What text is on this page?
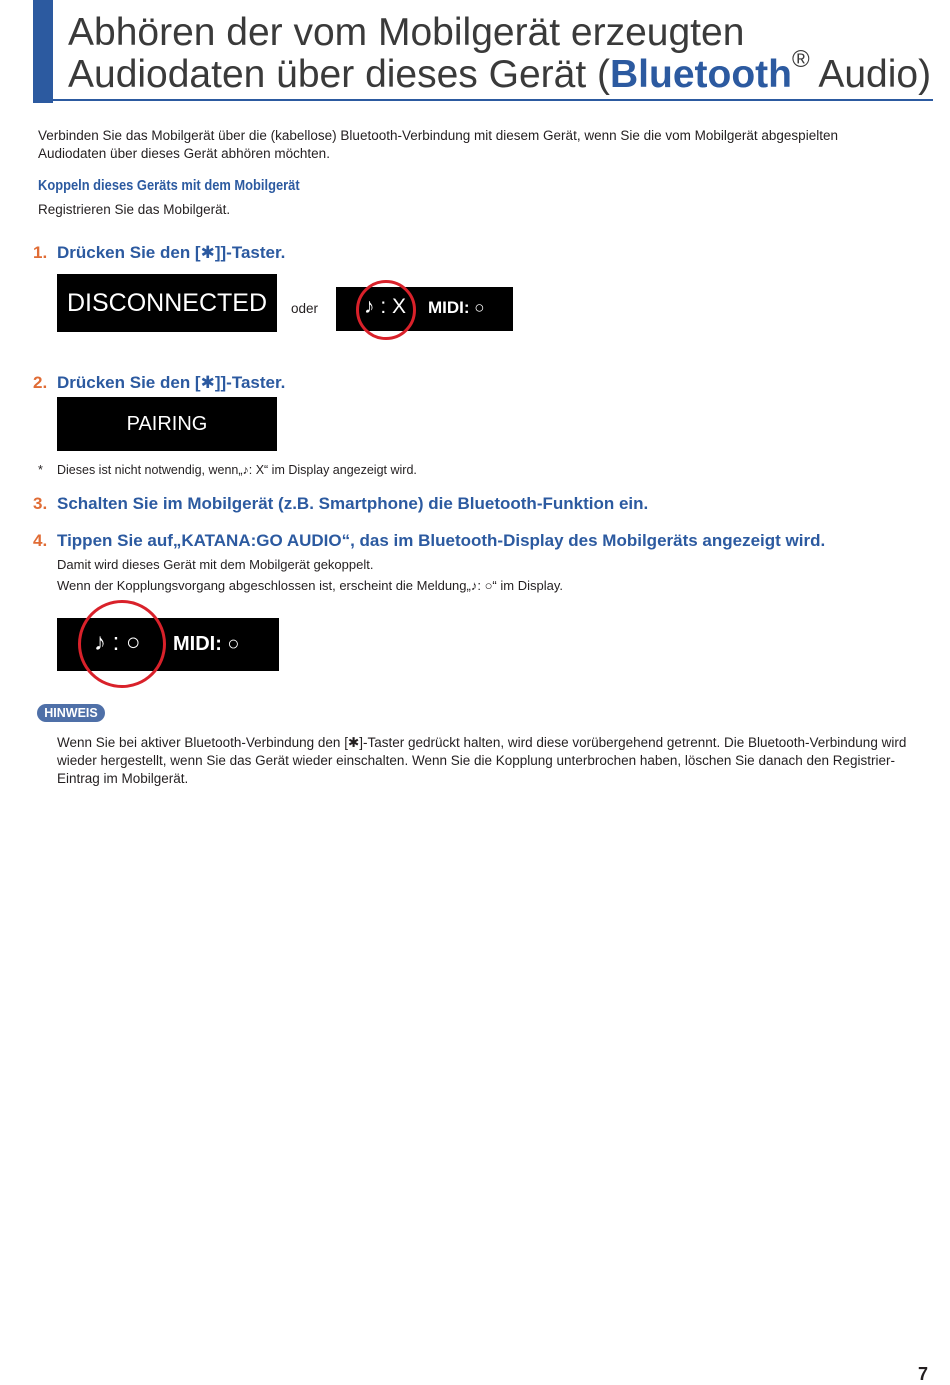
Abhören der vom Mobilgerät erzeugten
Audiodaten über dieses Gerät (Bluetooth® Audio)
Verbinden Sie das Mobilgerät über die (kabellose) Bluetooth-Verbindung mit diesem Gerät, wenn Sie die vom Mobilgerät abgespielten Audiodaten über dieses Gerät abhören möchten.
Koppeln dieses Geräts mit dem Mobilgerät
Registrieren Sie das Mobilgerät.
1. Drücken Sie den [✱]]-Taster.
DISCONNECTED oder ♪ : X MIDI: ○
2. Drücken Sie den [✱]]-Taster.
PAIRING
* Dieses ist nicht notwendig, wenn„♪: X“ im Display angezeigt wird.
3. Schalten Sie im Mobilgerät (z.B. Smartphone) die Bluetooth-Funktion ein.
4. Tippen Sie auf„KATANA:GO AUDIO“, das im Bluetooth-Display des Mobilgeräts angezeigt wird.
Damit wird dieses Gerät mit dem Mobilgerät gekoppelt.
Wenn der Kopplungsvorgang abgeschlossen ist, erscheint die Meldung„♪: ○“ im Display.
♪ : ○ MIDI: ○
HINWEIS
Wenn Sie bei aktiver Bluetooth-Verbindung den [✱]-Taster gedrückt halten, wird diese vorübergehend getrennt. Die Bluetooth-Verbindung wird wieder hergestellt, wenn Sie das Gerät wieder einschalten. Wenn Sie die Kopplung unterbrochen haben, löschen Sie danach den Registrier-Eintrag im Mobilgerät.
7
